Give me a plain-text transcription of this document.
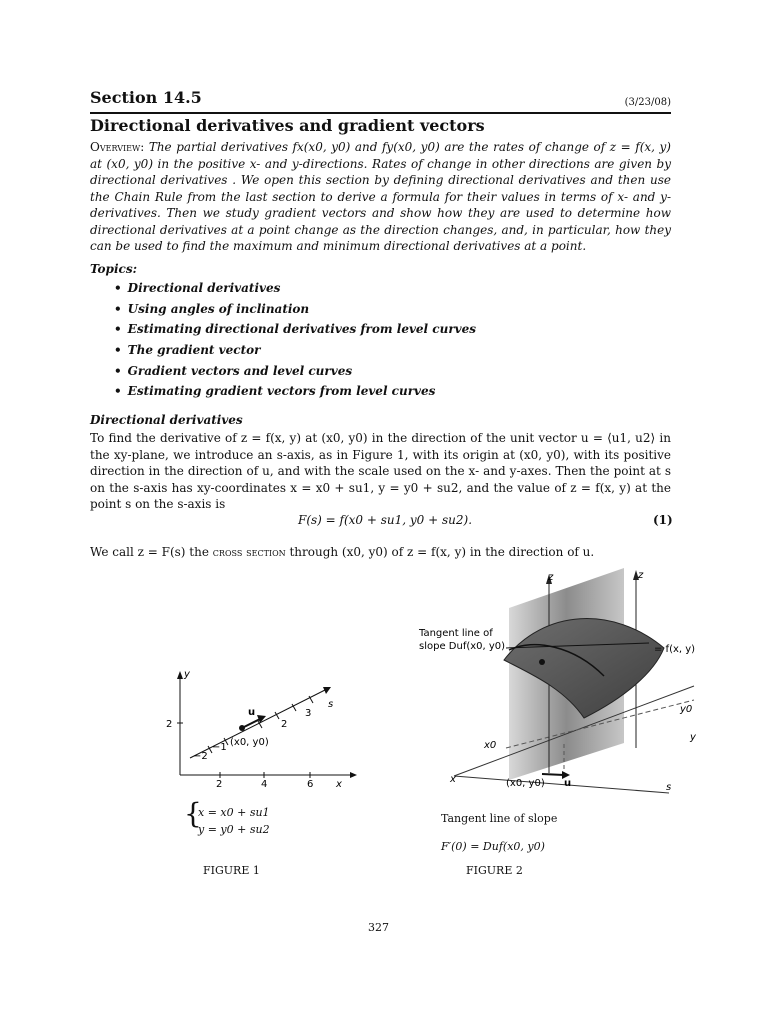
Section 14.5	(3/23/08)
Directional derivatives and gradient vectors
Overview: The partial derivatives fx(x0, y0) and fy(x0, y0) are the rates of change of z = f(x, y) at (x0, y0) in the positive x- and y-directions. Rates of change in other directions are given by directional derivatives . We open this section by defining directional derivatives and then use the Chain Rule from the last section to derive a formula for their values in terms of x- and y-derivatives. Then we study gradient vectors and show how they are used to determine how directional derivatives at a point change as the direction changes, and, in particular, how they can be used to find the maximum and minimum directional derivatives at a point.
Topics:
• Directional derivatives
• Using angles of inclination
• Estimating directional derivatives from level curves
• The gradient vector
• Gradient vectors and level curves
• Estimating gradient vectors from level curves
Directional derivatives
To find the derivative of z = f(x, y) at (x0, y0) in the direction of the unit vector u = ⟨u1, u2⟩ in the xy-plane, we introduce an s-axis, as in Figure 1, with its origin at (x0, y0), with its positive direction in the direction of u, and with the scale used on the x- and y-axes. Then the point at s on the s-axis has xy-coordinates x = x0 + su1, y = y0 + su2, and the value of z = f(x, y) at the point s on the s-axis is
F(s) = f(x0 + su1, y0 + su2).	(1)
We call z = F(s) the cross section through (x0, y0) of z = f(x, y) in the direction of u.
y
x
2	4	6
2
s
−2
−1
2
3
u
(x0, y0)
{
x = x0 + su1
y = y0 + su2
FIGURE 1
Tangent line of
slope Duf(x0, y0)
z	z
= f(x, y)
y0
x0
y
x
s
(x0, y0) u
Tangent line of slope
F′(0) = Duf(x0, y0)
FIGURE 2
327
